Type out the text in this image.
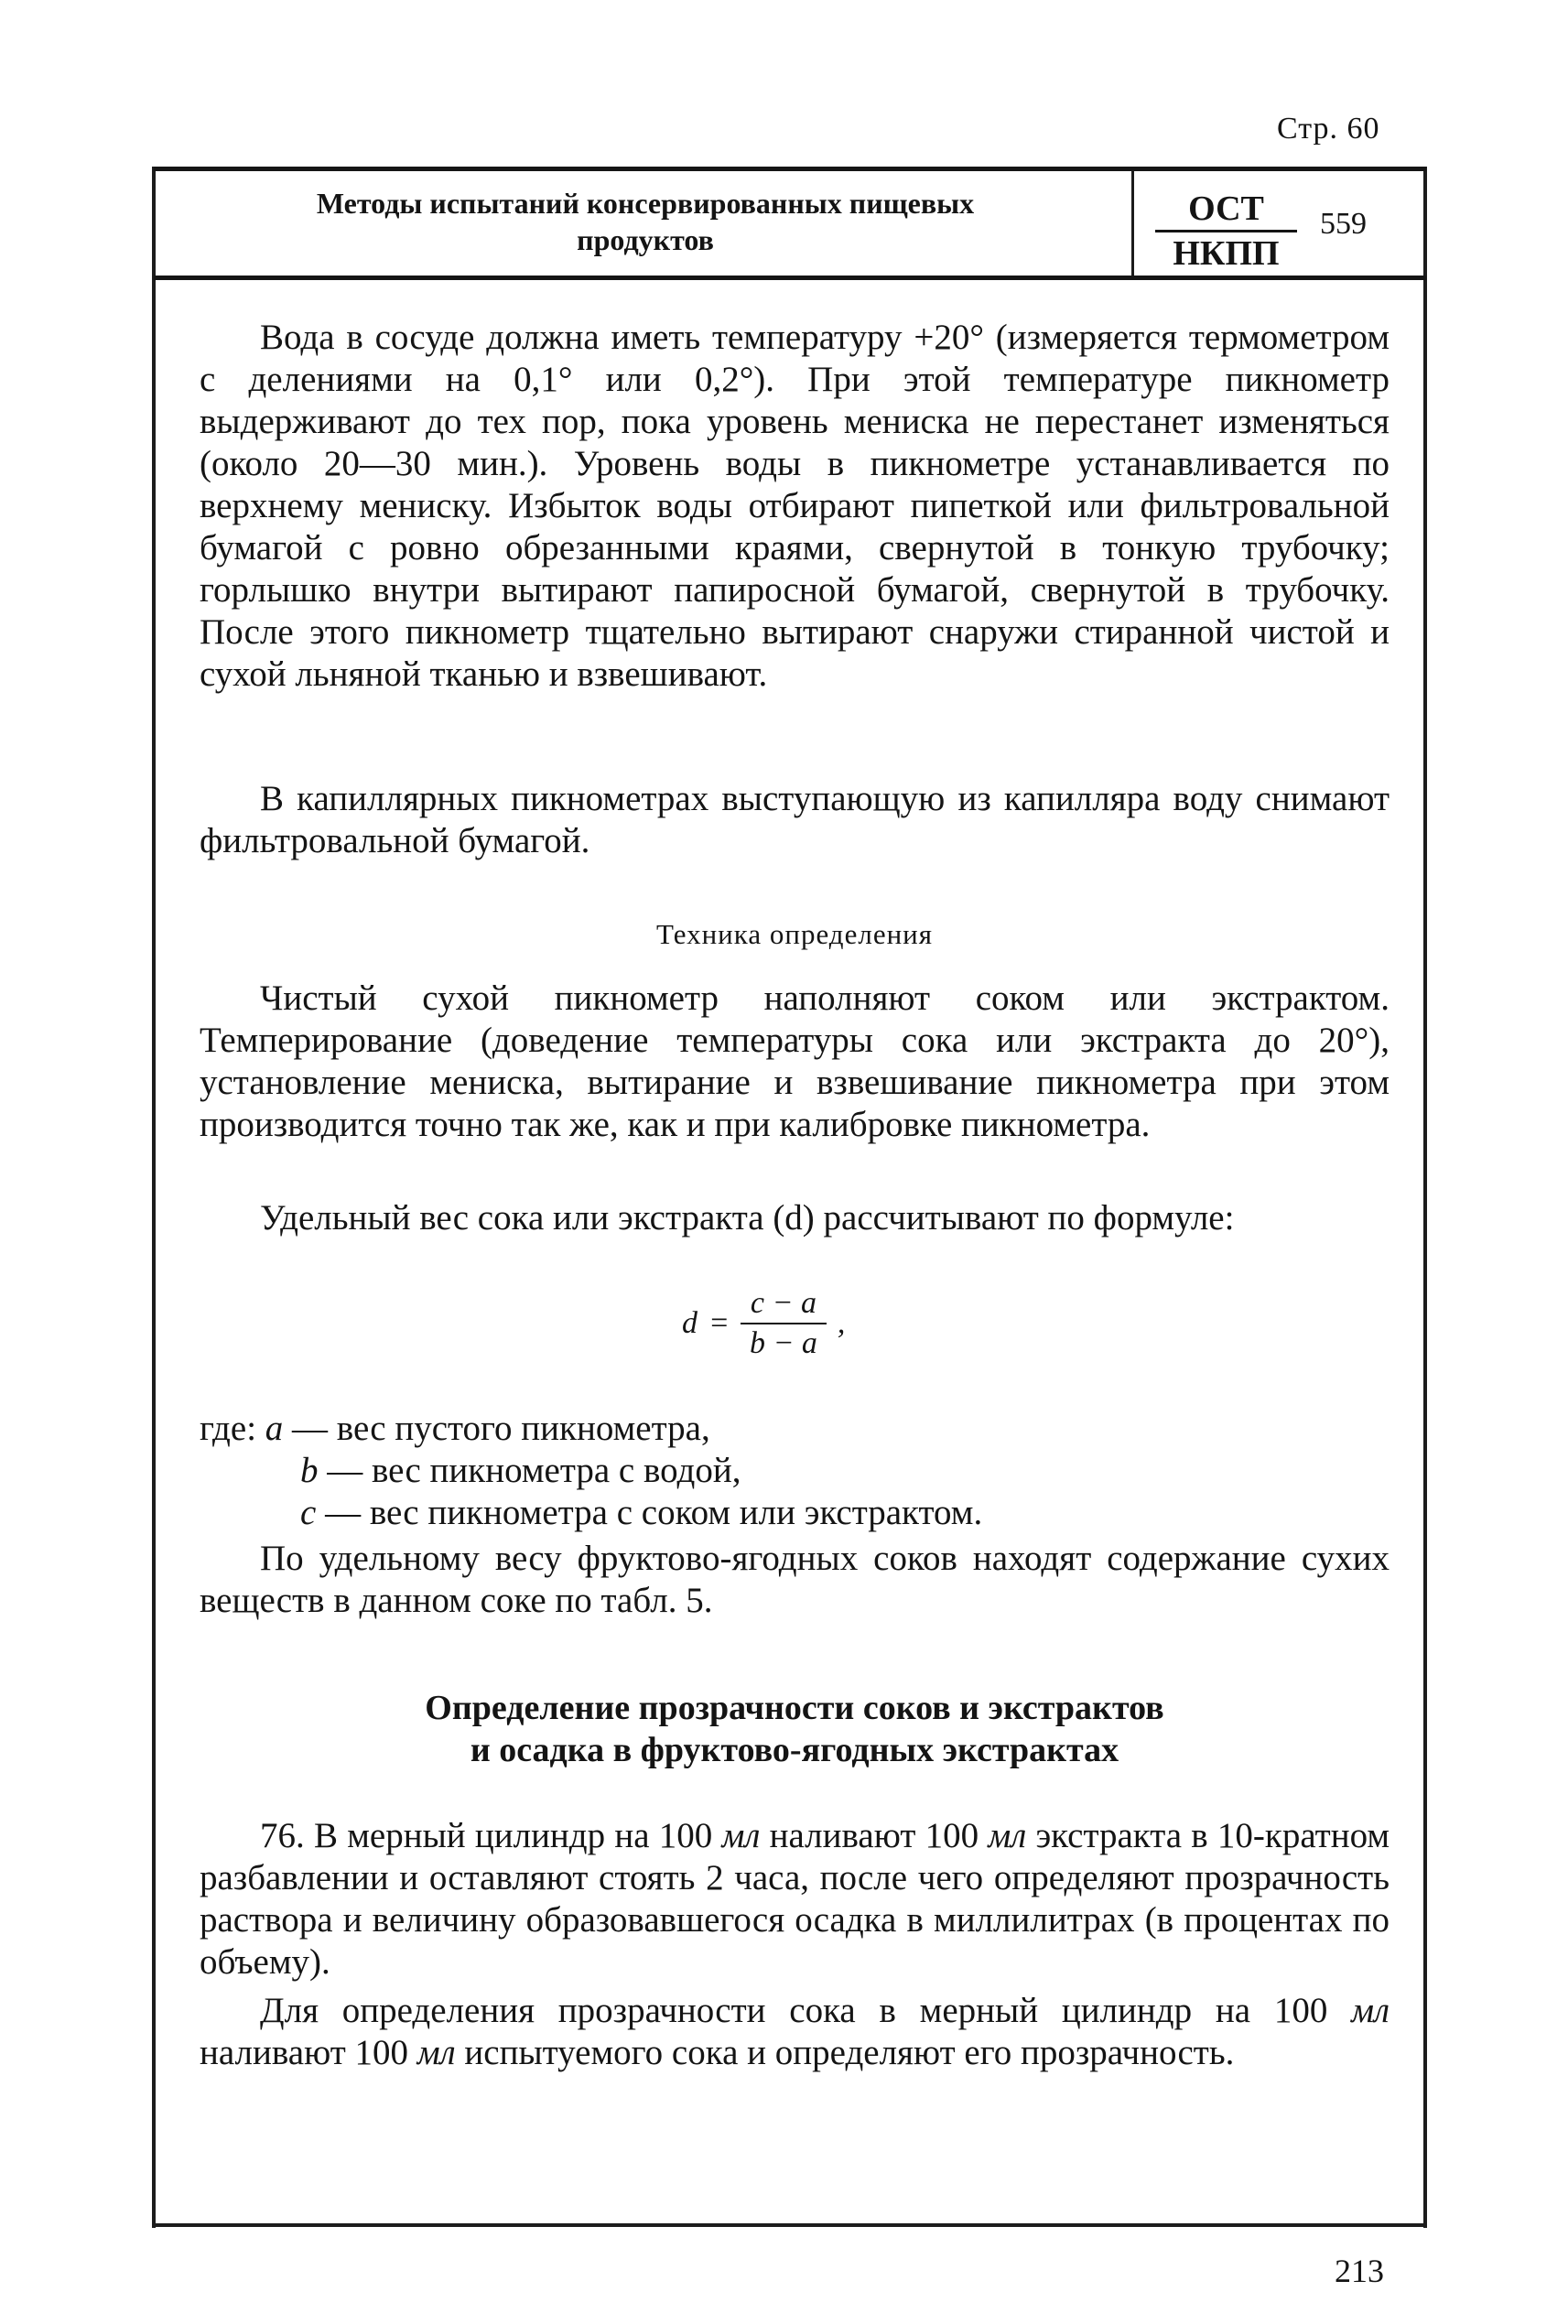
Стр. 60
Методы испытаний консервированных пищевых
продуктов
ОСТ
НКПП
559

Вода в сосуде должна иметь температуру +20° (измеряется термометром с делениями на 0,1° или 0,2°). При этой температуре пикнометр выдерживают до тех пор, пока уровень мениска не перестанет изменяться (около 20—30 мин.). Уровень воды в пикнометре устанавливается по верхнему мениску. Избыток воды отбирают пипеткой или фильтровальной бумагой с ровно обрезанными краями, свернутой в тонкую трубочку; горлышко внутри вытирают папиросной бумагой, свернутой в трубочку. После этого пикнометр тщательно вытирают снаружи стиранной чистой и сухой льняной тканью и взвешивают.

В капиллярных пикнометрах выступающую из капилляра воду снимают фильтровальной бумагой.

Техника определения

Чистый сухой пикнометр наполняют соком или экстрактом. Темперирование (доведение температуры сока или экстракта до 20°), установление мениска, вытирание и взвешивание пикнометра при этом производится точно так же, как и при калибровке пикнометра.

Удельный вес сока или экстракта (d) рассчитывают по формуле:

$d = \frac{c - a}{b - a}$ ,
где: a — вес пустого пикнометра,
b — вес пикнометра с водой,
c — вес пикнометра с соком или экстрактом.

По удельному весу фруктово-ягодных соков находят содержание сухих веществ в данном соке по табл. 5.

Определение прозрачности соков и экстрактов
и осадка в фруктово-ягодных экстрактах

76. В мерный цилиндр на 100 мл наливают 100 мл экстракта в 10-кратном разбавлении и оставляют стоять 2 часа, после чего определяют прозрачность раствора и величину образовавшегося осадка в миллилитрах (в процентах по объему).

Для определения прозрачности сока в мерный цилиндр на 100 мл наливают 100 мл испытуемого сока и определяют его прозрачность.

213
